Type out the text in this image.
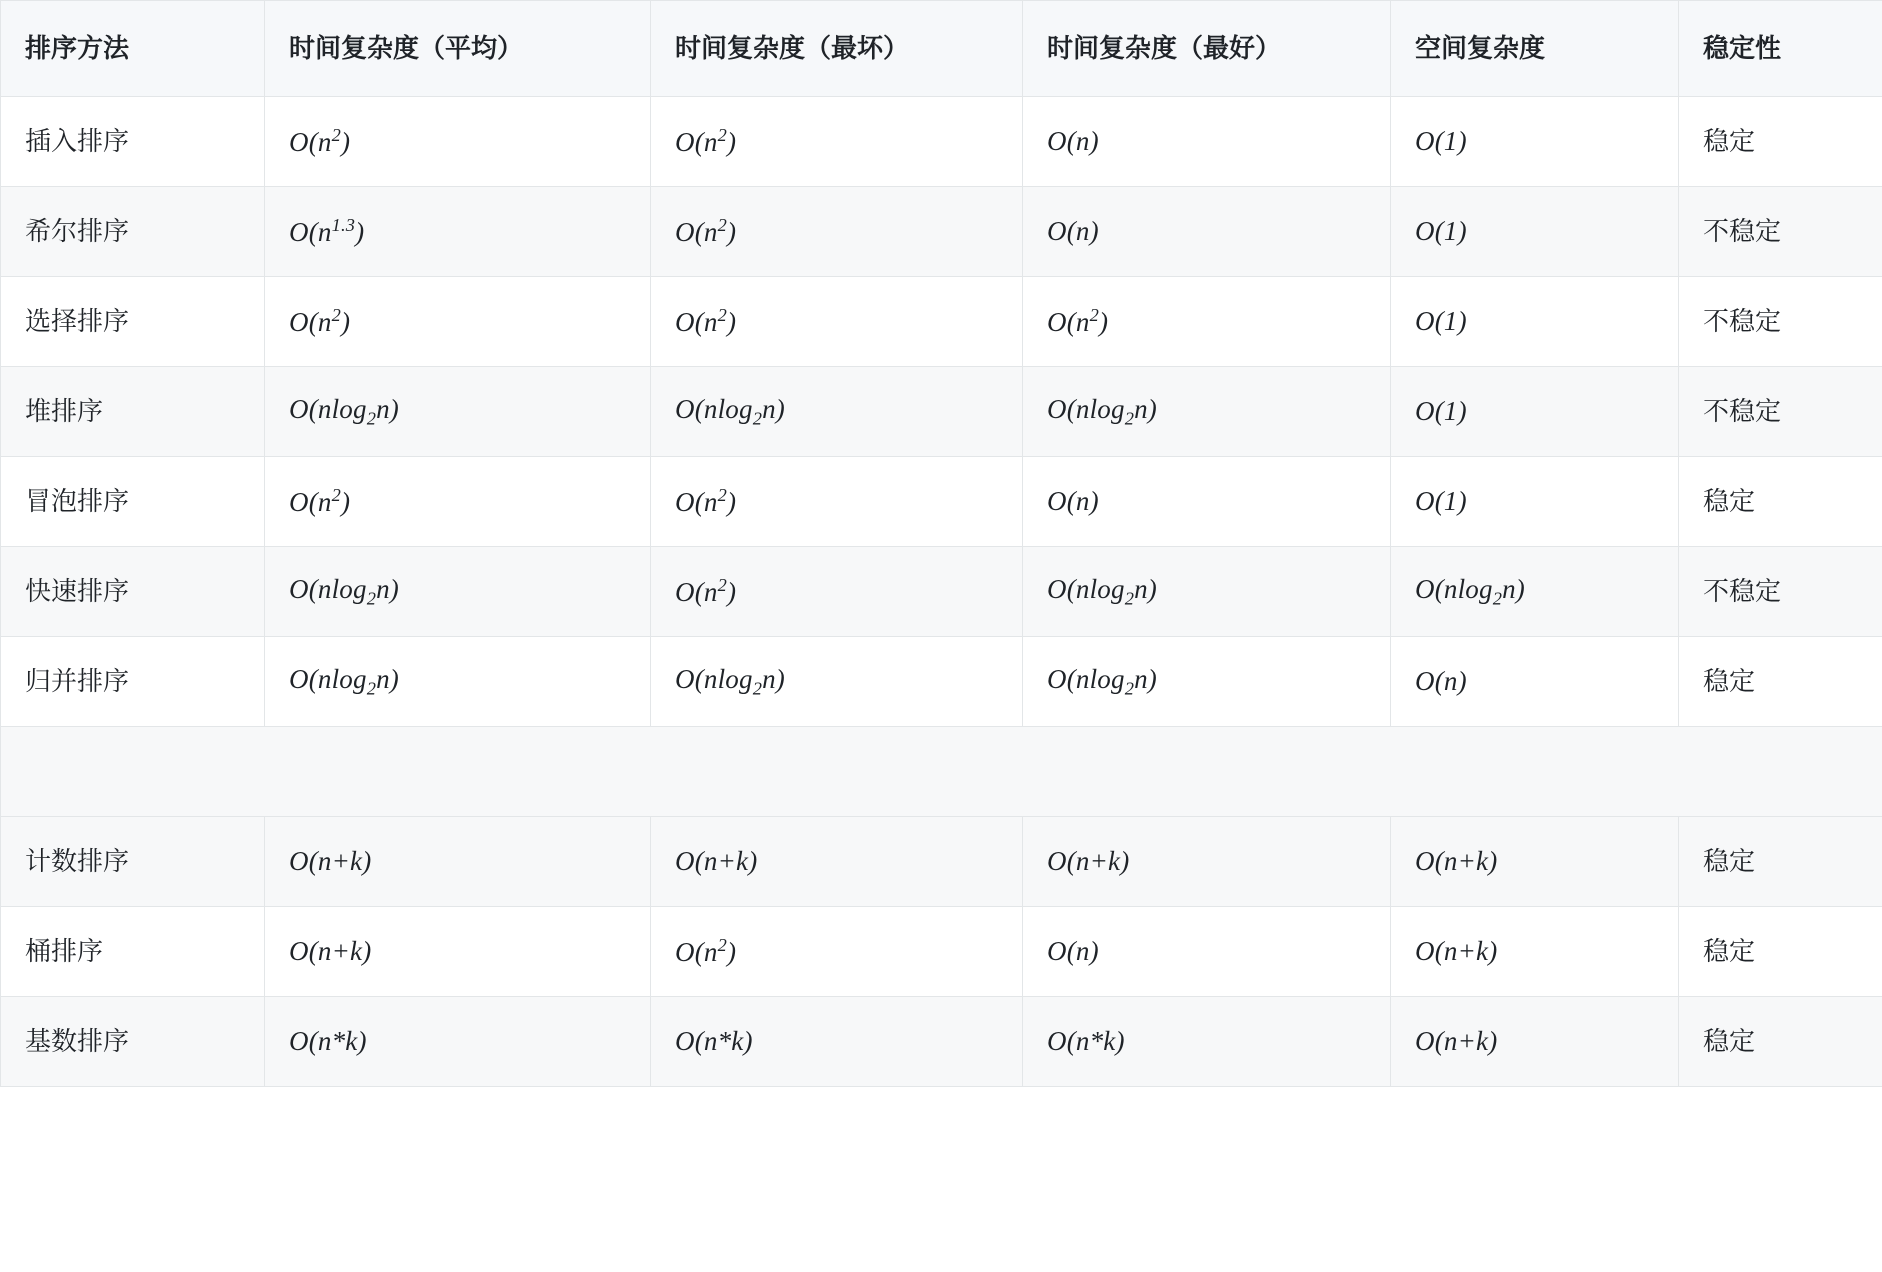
排序方法	时间复杂度（平均）	时间复杂度（最坏）	时间复杂度（最好）	空间复杂度	稳定性
插入排序	$O(n^2)$	$O(n^2)$	O(n)	O(1)	稳定
希尔排序	$O(n^{1.3})$	$O(n^2)$	O(n)	O(1)	不稳定
选择排序	$O(n^2)$	$O(n^2)$	$O(n^2)$	O(1)	不稳定
堆排序	O(nlog$_2$n)	O(nlog$_2$n)	O(nlog$_2$n)	O(1)	不稳定
冒泡排序	$O(n^2)$	$O(n^2)$	O(n)	O(1)	稳定
快速排序	O(nlog$_2$n)	$O(n^2)$	O(nlog$_2$n)	O(nlog$_2$n)	不稳定
归并排序	O(nlog$_2$n)	O(nlog$_2$n)	O(nlog$_2$n)	O(n)	稳定

计数排序	O(n+k)	O(n+k)	O(n+k)	O(n+k)	稳定
桶排序	O(n+k)	$O(n^2)$	O(n)	O(n+k)	稳定
基数排序	O(n*k)	O(n*k)	O(n*k)	O(n+k)	稳定
